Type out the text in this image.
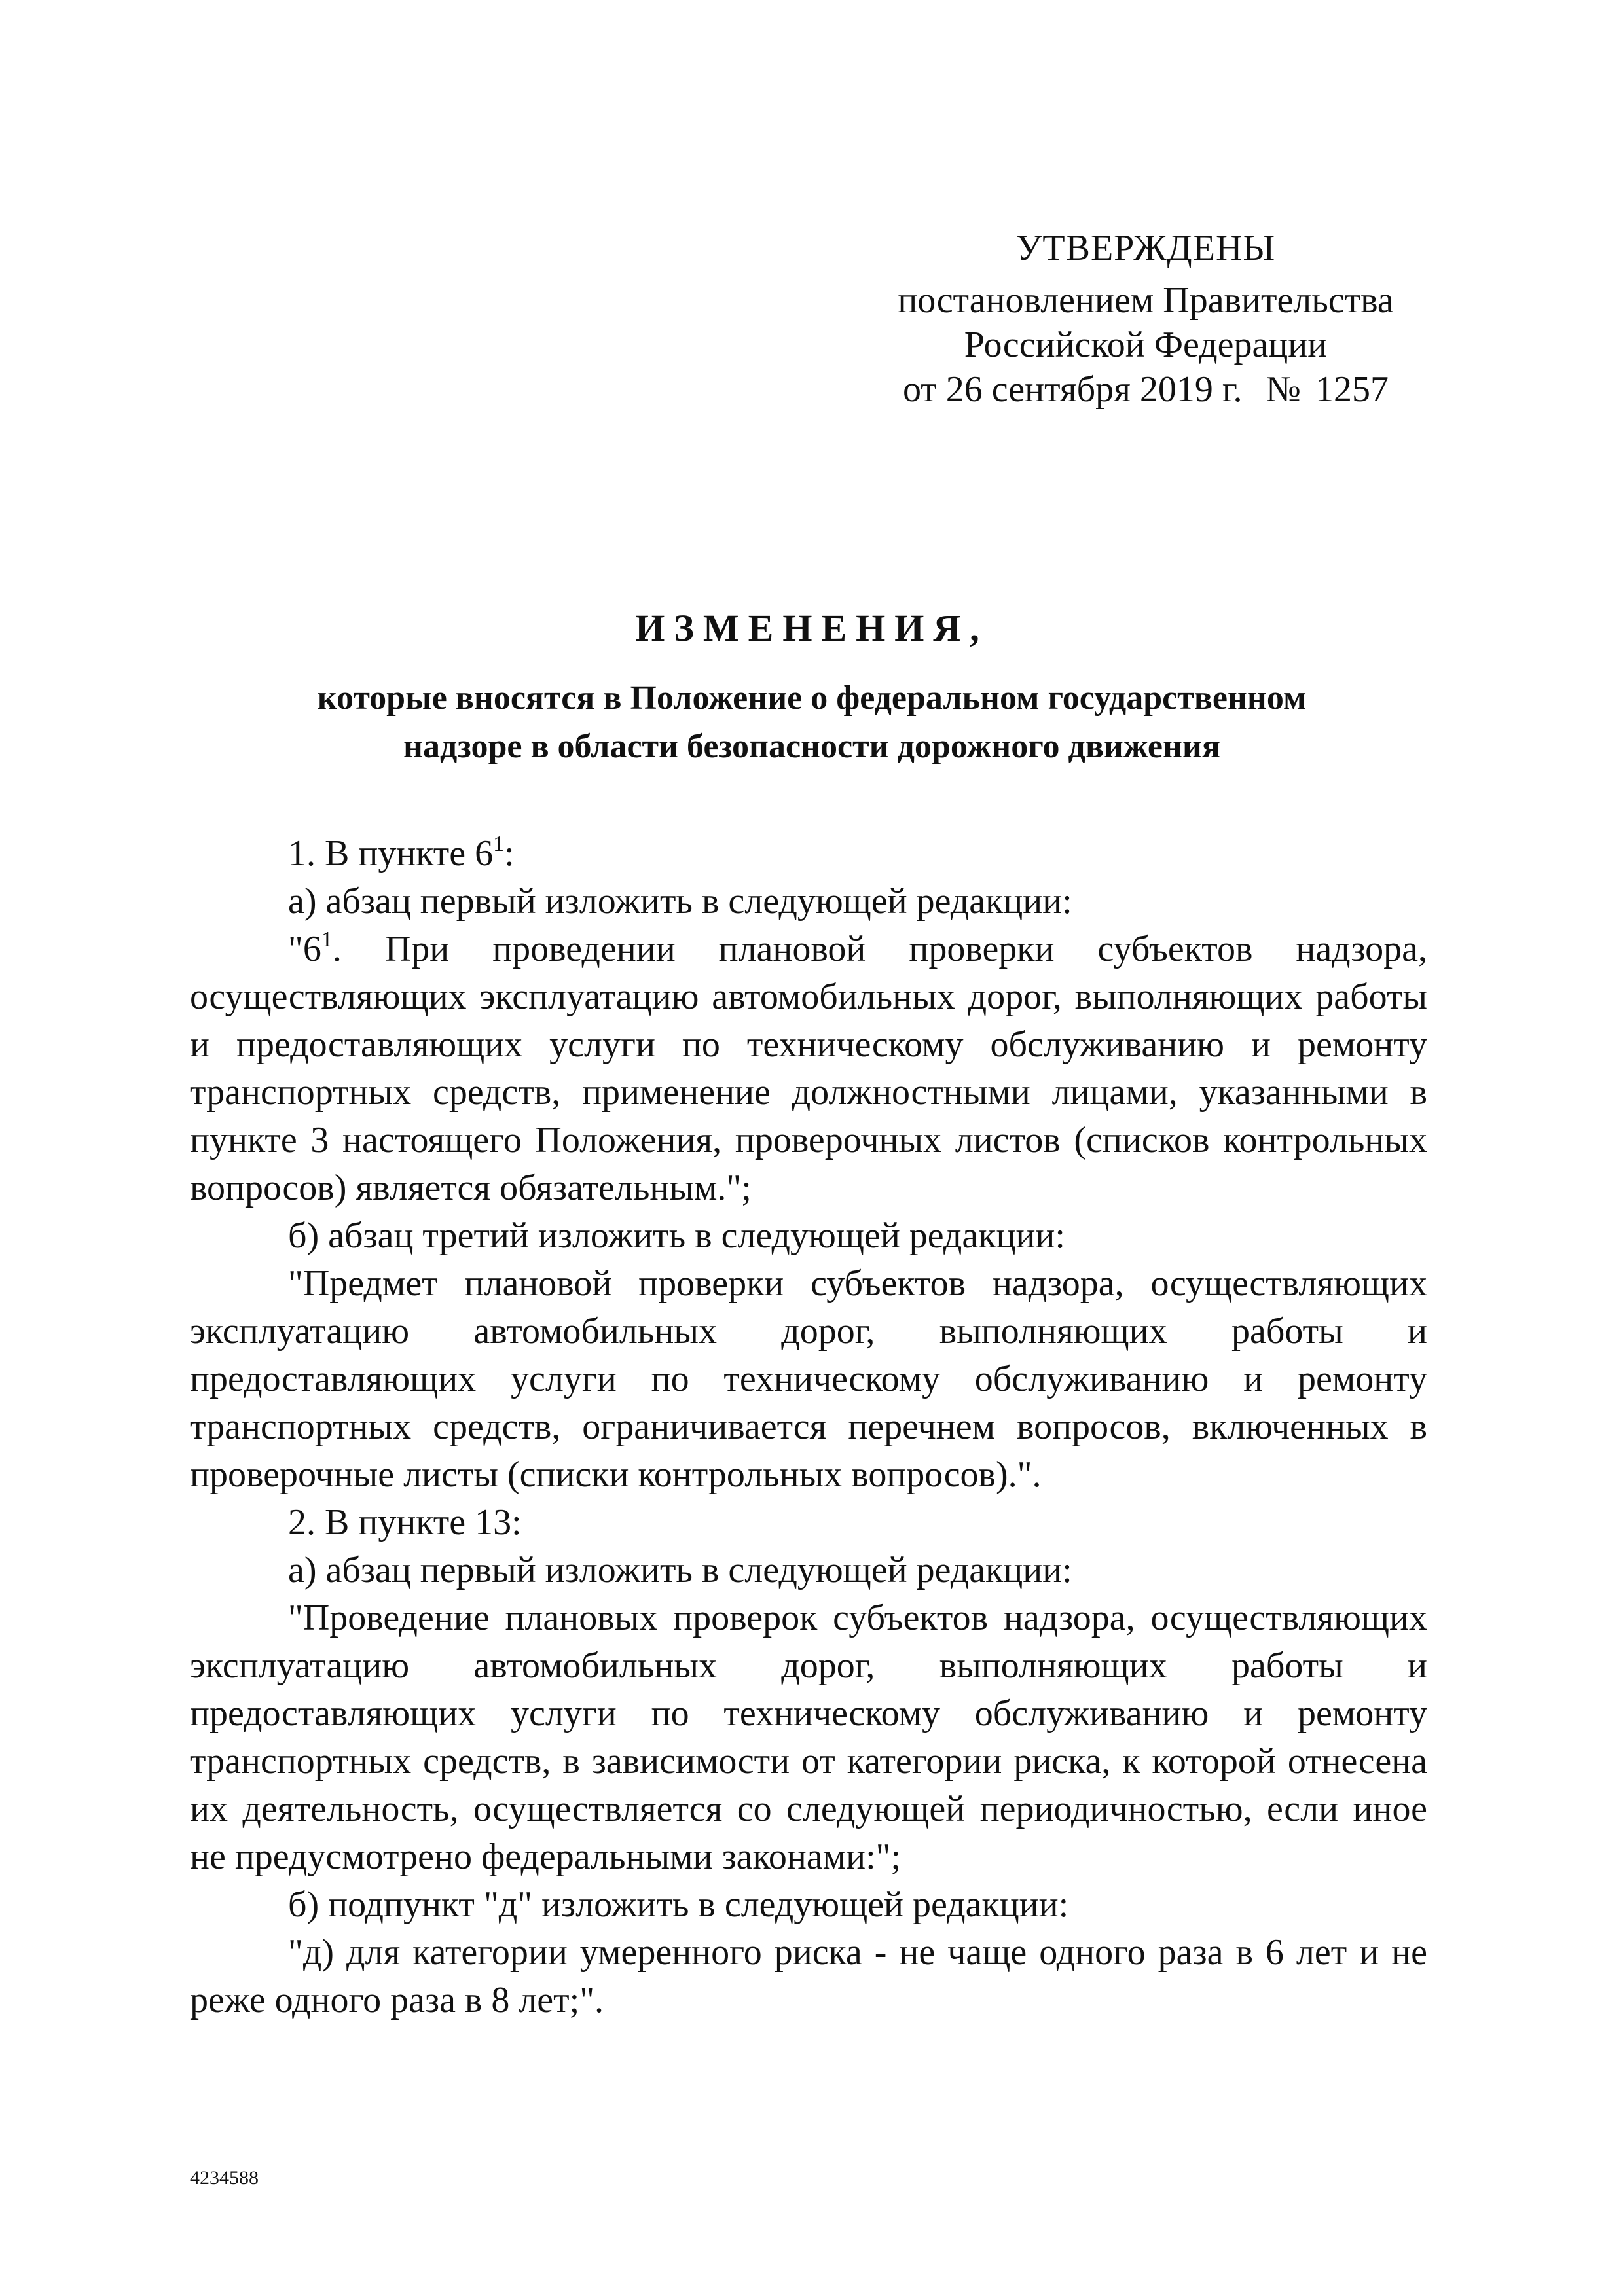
УТВЕРЖДЕНЫ
постановлением Правительства
Российской Федерации
от 26 сентября 2019 г. № 1257
ИЗМЕНЕНИЯ,
которые вносятся в Положение о федеральном государственном
надзоре в области безопасности дорожного движения

1. В пункте $6^1$:

а) абзац первый изложить в следующей редакции:

"$6^1$. При проведении плановой проверки субъектов надзора, осуществляющих эксплуатацию автомобильных дорог, выполняющих работы и предоставляющих услуги по техническому обслуживанию и ремонту транспортных средств, применение должностными лицами, указанными в пункте 3 настоящего Положения, проверочных листов (списков контрольных вопросов) является обязательным.";

б) абзац третий изложить в следующей редакции:

"Предмет плановой проверки субъектов надзора, осуществляющих эксплуатацию автомобильных дорог, выполняющих работы и предоставляющих услуги по техническому обслуживанию и ремонту транспортных средств, ограничивается перечнем вопросов, включенных в проверочные листы (списки контрольных вопросов).".

2. В пункте 13:

а) абзац первый изложить в следующей редакции:

"Проведение плановых проверок субъектов надзора, осуществляющих эксплуатацию автомобильных дорог, выполняющих работы и предоставляющих услуги по техническому обслуживанию и ремонту транспортных средств, в зависимости от категории риска, к которой отнесена их деятельность, осуществляется со следующей периодичностью, если иное не предусмотрено федеральными законами:";

б) подпункт "д" изложить в следующей редакции:

"д) для категории умеренного риска - не чаще одного раза в 6 лет и не реже одного раза в 8 лет;".

4234588
